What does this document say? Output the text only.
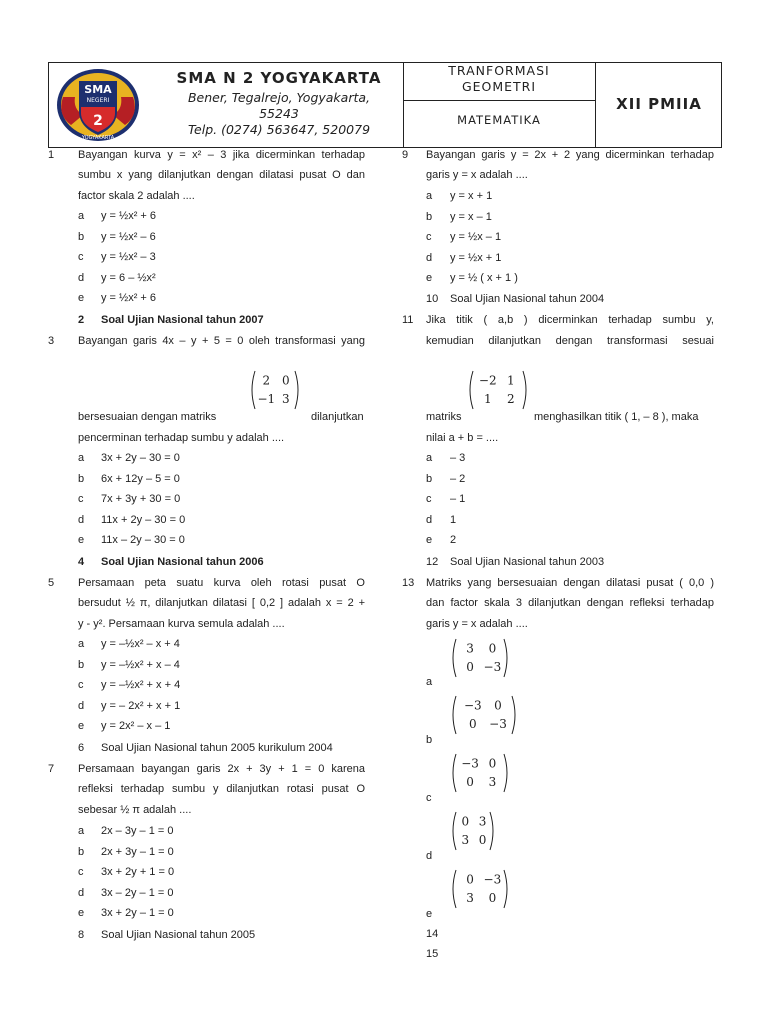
SMA
NEGERI
2
YOGYAKARTA
SMA N 2 YOGYAKARTA
Bener, Tegalrejo, Yogyakarta,
55243
Telp. (0274) 563647, 520079
TRANFORMASI
GEOMETRI
MATEMATIKA
XII PMIIA
1 Bayangan kurva y = x² – 3 jika dicerminkan terhadap
sumbu x yang dilanjutkan dengan dilatasi pusat O dan
factor skala 2 adalah ....
a y = ½x² + 6
b y = ½x² – 6
c y = ½x² – 3
d y = 6 – ½x²
e y = ½x² + 6
2 Soal Ujian Nasional tahun 2007
3 Bayangan garis 4x – y + 5 = 0 oleh transformasi yang
2 0
−1 3
bersesuaian dengan matriks	dilanjutkan
pencerminan terhadap sumbu y adalah ....
a 3x + 2y – 30 = 0
b 6x + 12y – 5 = 0
c 7x + 3y + 30 = 0
d 11x + 2y – 30 = 0
e 11x – 2y – 30 = 0
4 Soal Ujian Nasional tahun 2006
5 Persamaan peta suatu kurva oleh rotasi pusat O
bersudut ½ π, dilanjutkan dilatasi [ 0,2 ] adalah x = 2 +
y - y². Persamaan kurva semula adalah ....
a y = –½x² – x + 4
b y = –½x² + x – 4
c y = –½x² + x + 4
d y = – 2x² + x + 1
e y = 2x² – x – 1
6 Soal Ujian Nasional tahun 2005 kurikulum 2004
7 Persamaan bayangan garis 2x + 3y + 1 = 0 karena
refleksi terhadap sumbu y dilanjutkan rotasi pusat O
sebesar ½ π adalah ....
a 2x – 3y – 1 = 0
b 2x + 3y – 1 = 0
c 3x + 2y + 1 = 0
d 3x – 2y – 1 = 0
e 3x + 2y – 1 = 0
8 Soal Ujian Nasional tahun 2005
9 Bayangan garis y = 2x + 2 yang dicerminkan terhadap
garis y = x adalah ....
a y = x + 1
b y = x – 1
c y = ½x – 1
d y = ½x + 1
e y = ½ ( x + 1 )
10 Soal Ujian Nasional tahun 2004
11 Jika titik ( a,b ) dicerminkan terhadap sumbu y,
kemudian dilanjutkan dengan transformasi sesuai
−2 1
1 2
matriks	menghasilkan titik ( 1, – 8 ), maka
nilai a + b = ....
a – 3
b – 2
c – 1
d 1
e 2
12 Soal Ujian Nasional tahun 2003
13 Matriks yang bersesuaian dengan dilatasi pusat ( 0,0 )
dan factor skala 3 dilanjutkan dengan refleksi terhadap
garis y = x adalah ....
3 0
0 −3
a
−3 0
0 −3
b
−3 0
0 3
c
0 3
3 0
d
0 −3
3 0
e
14
15
